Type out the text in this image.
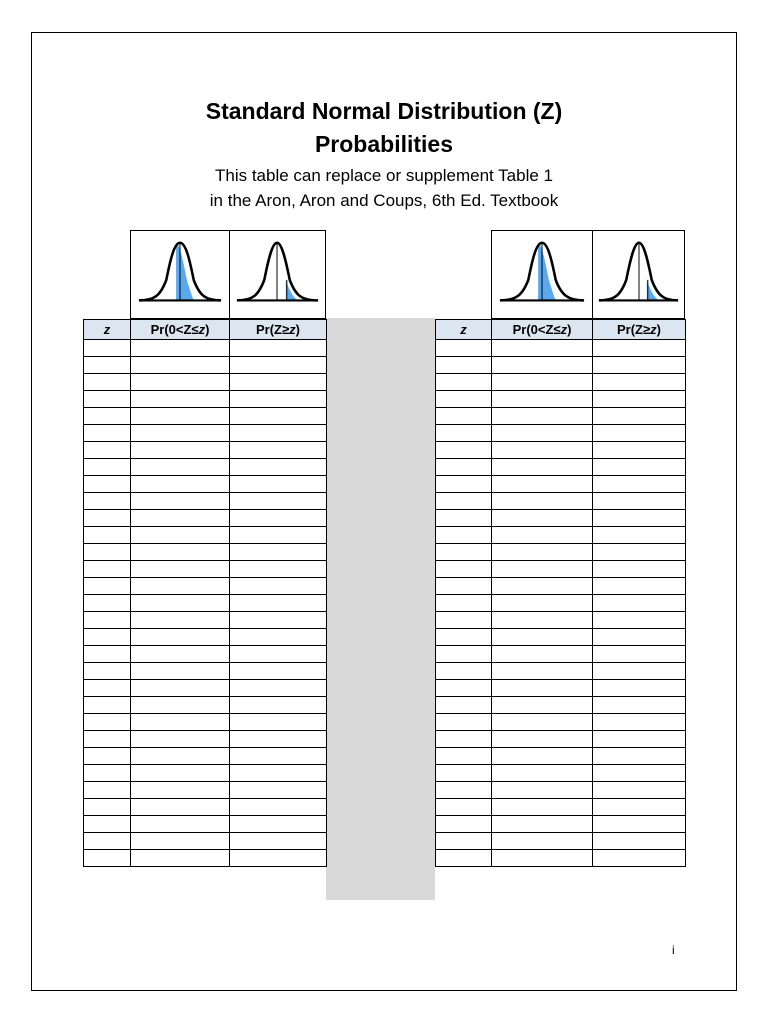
Standard Normal Distribution (Z)
Probabilities
This table can replace or supplement Table 1
in the Aron, Aron and Coups, 6th Ed. Textbook
z	Pr(0<Z≤z)	Pr(Z≥z)

			z	Pr(0<Z≤z)	Pr(Z≥z)

i
